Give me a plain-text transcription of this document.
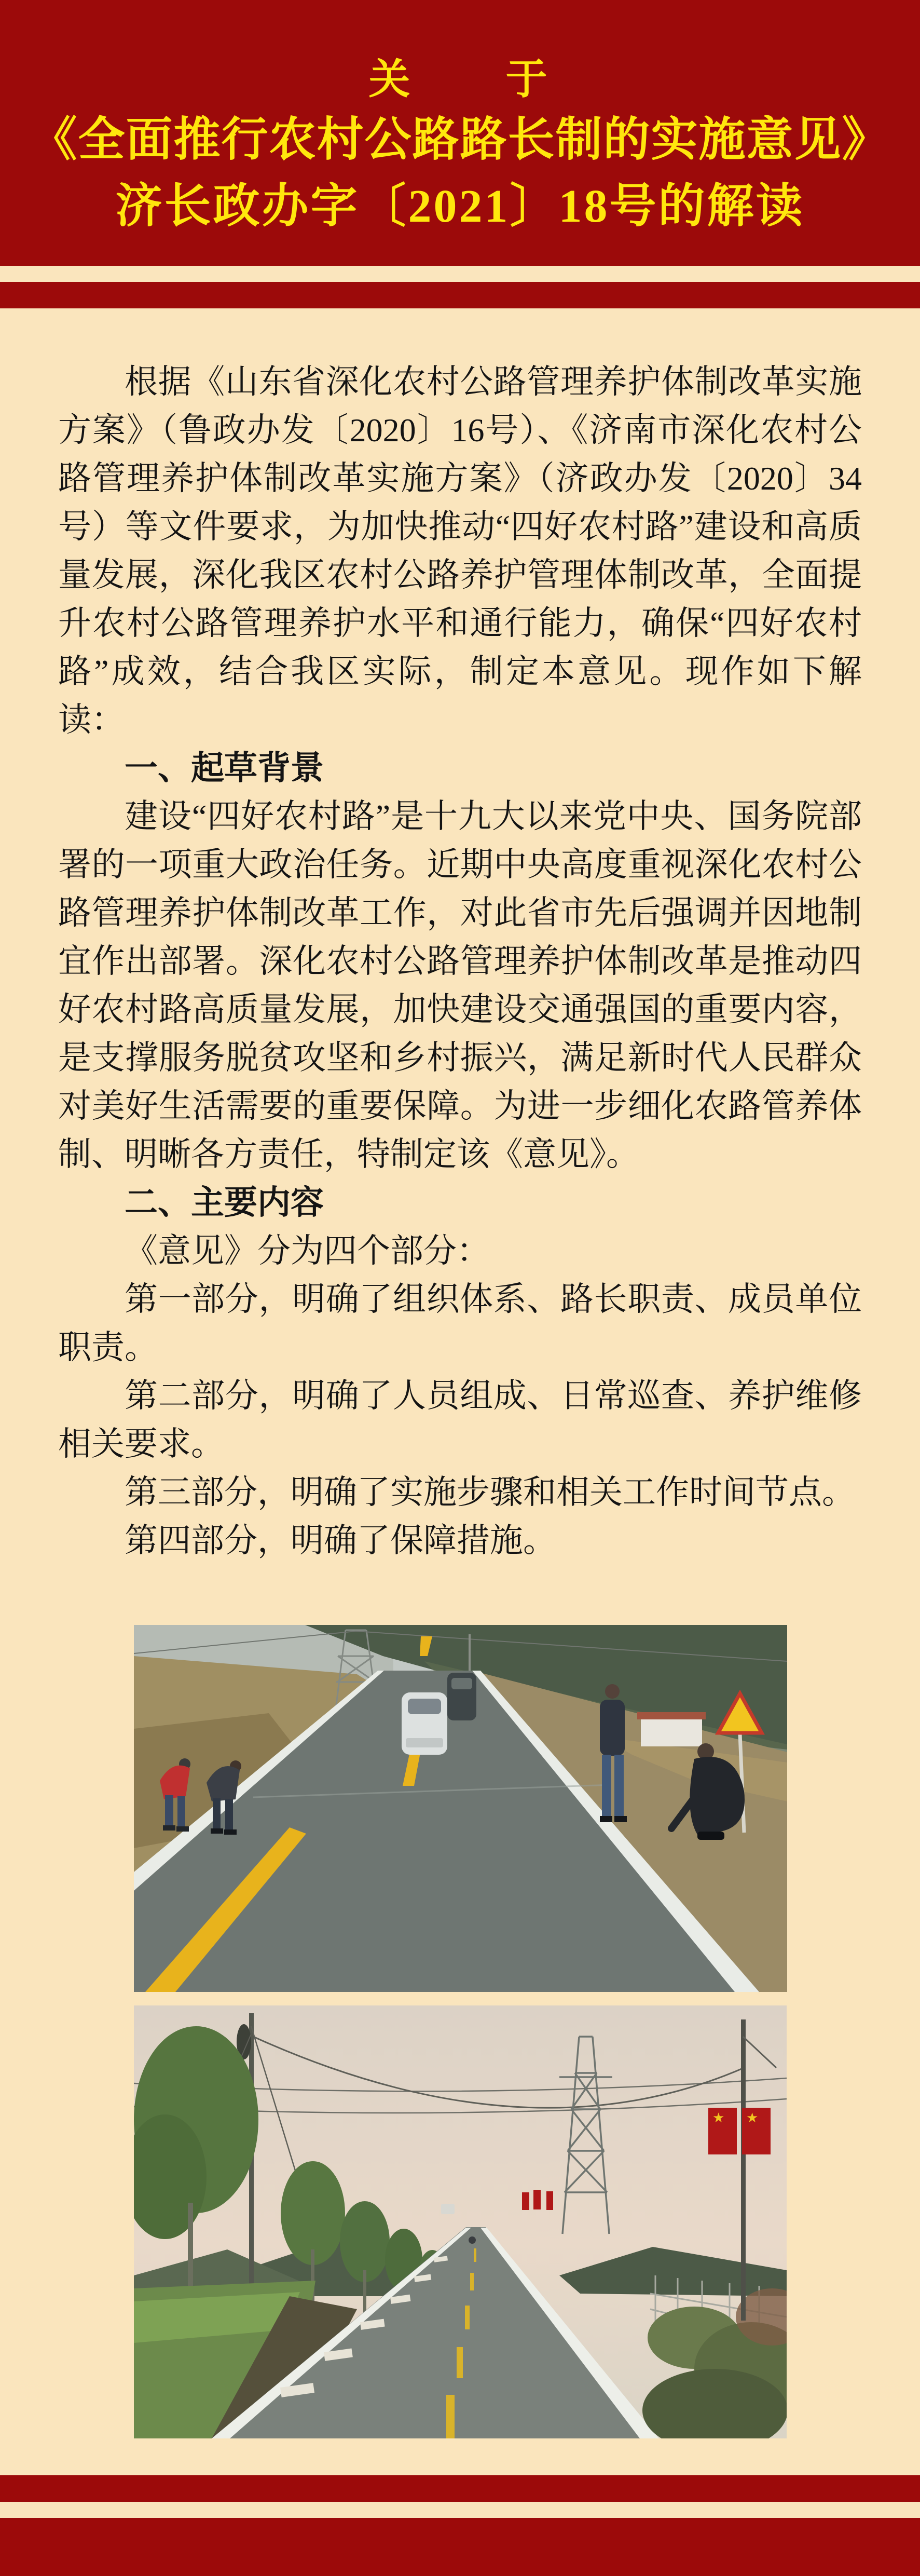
关　　于
《全面推行农村公路路长制的实施意见》
济长政办字〔2021〕18号的解读

根据《山东省深化农村公路管理养护体制改革实施方案》（鲁政办发〔2020〕16号）、《济南市深化农村公路管理养护体制改革实施方案》（济政办发〔2020〕34号）等文件要求，为加快推动“四好农村路”建设和高质量发展，深化我区农村公路养护管理体制改革，全面提升农村公路管理养护水平和通行能力，确保“四好农村路”成效，结合我区实际，制定本意见。现作如下解读：

一、起草背景

建设“四好农村路”是十九大以来党中央、国务院部署的一项重大政治任务。近期中央高度重视深化农村公路管理养护体制改革工作，对此省市先后强调并因地制宜作出部署。深化农村公路管理养护体制改革是推动四好农村路高质量发展，加快建设交通强国的重要内容，是支撑服务脱贫攻坚和乡村振兴，满足新时代人民群众对美好生活需要的重要保障。为进一步细化农路管养体制、明晰各方责任，特制定该《意见》。

二、主要内容

《意见》分为四个部分：

第一部分，明确了组织体系、路长职责、成员单位职责。

第二部分，明确了人员组成、日常巡查、养护维修相关要求。

第三部分，明确了实施步骤和相关工作时间节点。

第四部分，明确了保障措施。

★ ★
